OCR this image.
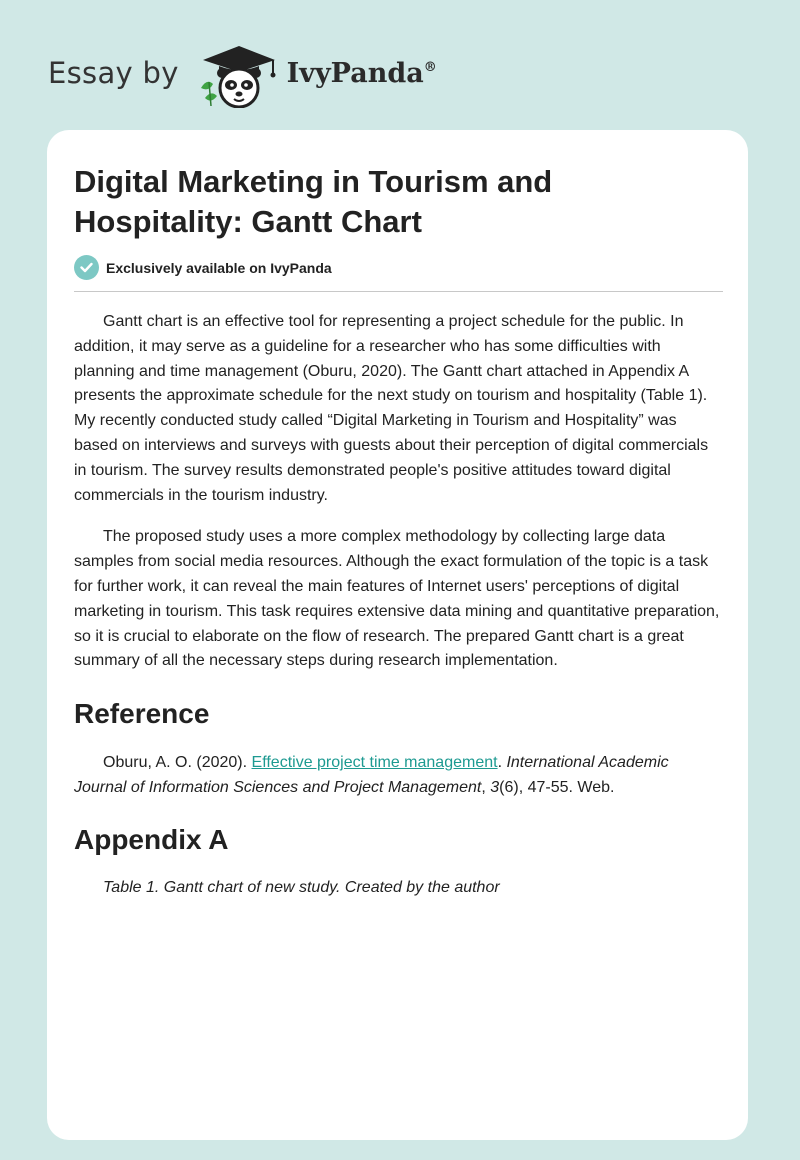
Essay by	IvyPanda®
Digital Marketing in Tourism and Hospitality: Gantt Chart
Exclusively available on IvyPanda

Gantt chart is an effective tool for representing a project schedule for the public. In addition, it may serve as a guideline for a researcher who has some difficulties with planning and time management (Oburu, 2020). The Gantt chart attached in Appendix A presents the approximate schedule for the next study on tourism and hospitality (Table 1). My recently conducted study called “Digital Marketing in Tourism and Hospitality” was based on interviews and surveys with guests about their perception of digital commercials in tourism. The survey results demonstrated people's positive attitudes toward digital commercials in the tourism industry.

The proposed study uses a more complex methodology by collecting large data samples from social media resources. Although the exact formulation of the topic is a task for further work, it can reveal the main features of Internet users' perceptions of digital marketing in tourism. This task requires extensive data mining and quantitative preparation, so it is crucial to elaborate on the flow of research. The prepared Gantt chart is a great summary of all the necessary steps during research implementation.

Reference

Oburu, A. O. (2020). Effective project time management. International Academic Journal of Information Sciences and Project Management, 3(6), 47-55. Web.

Appendix A

Table 1. Gantt chart of new study. Created by the author
